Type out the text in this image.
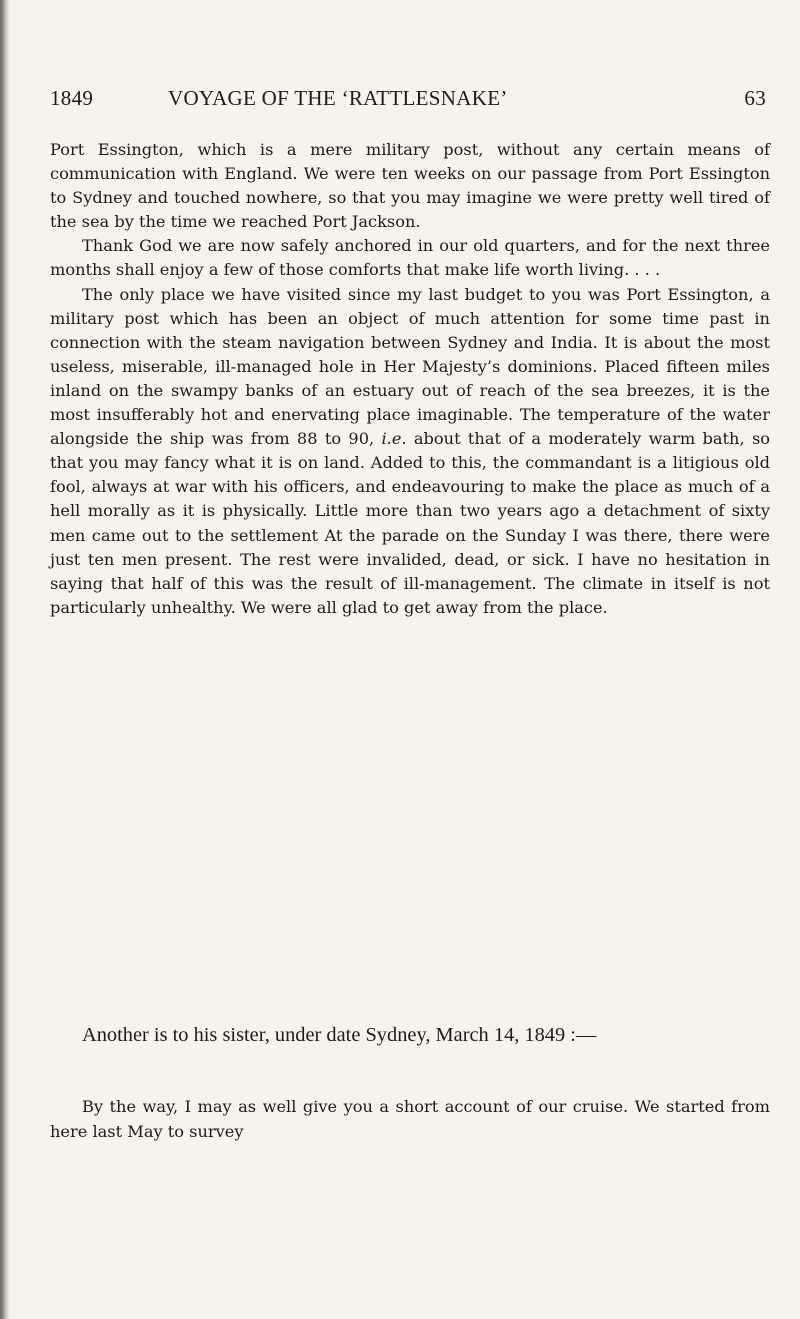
1849	VOYAGE OF THE ‘RATTLESNAKE’	63

Port Essington, which is a mere military post, without any certain means of communication with England. We were ten weeks on our passage from Port Essington to Sydney and touched nowhere, so that you may imagine we were pretty well tired of the sea by the time we reached Port Jackson.

Thank God we are now safely anchored in our old quarters, and for the next three months shall enjoy a few of those comforts that make life worth living. . . .

The only place we have visited since my last budget to you was Port Essington, a military post which has been an object of much attention for some time past in connection with the steam navigation between Sydney and India. It is about the most useless, miserable, ill-managed hole in Her Majesty’s dominions. Placed fifteen miles inland on the swampy banks of an estuary out of reach of the sea breezes, it is the most insufferably hot and enervating place imaginable. The temperature of the water alongside the ship was from 88 to 90, i.e. about that of a moderately warm bath, so that you may fancy what it is on land. Added to this, the commandant is a litigious old fool, always at war with his officers, and endeavouring to make the place as much of a hell morally as it is physically. Little more than two years ago a detachment of sixty men came out to the settlement At the parade on the Sunday I was there, there were just ten men present. The rest were invalided, dead, or sick. I have no hesitation in saying that half of this was the result of ill-management. The climate in itself is not particularly unhealthy. We were all glad to get away from the place.

Another is to his sister, under date Sydney, March 14, 1849 :—

By the way, I may as well give you a short account of our cruise. We started from here last May to survey
